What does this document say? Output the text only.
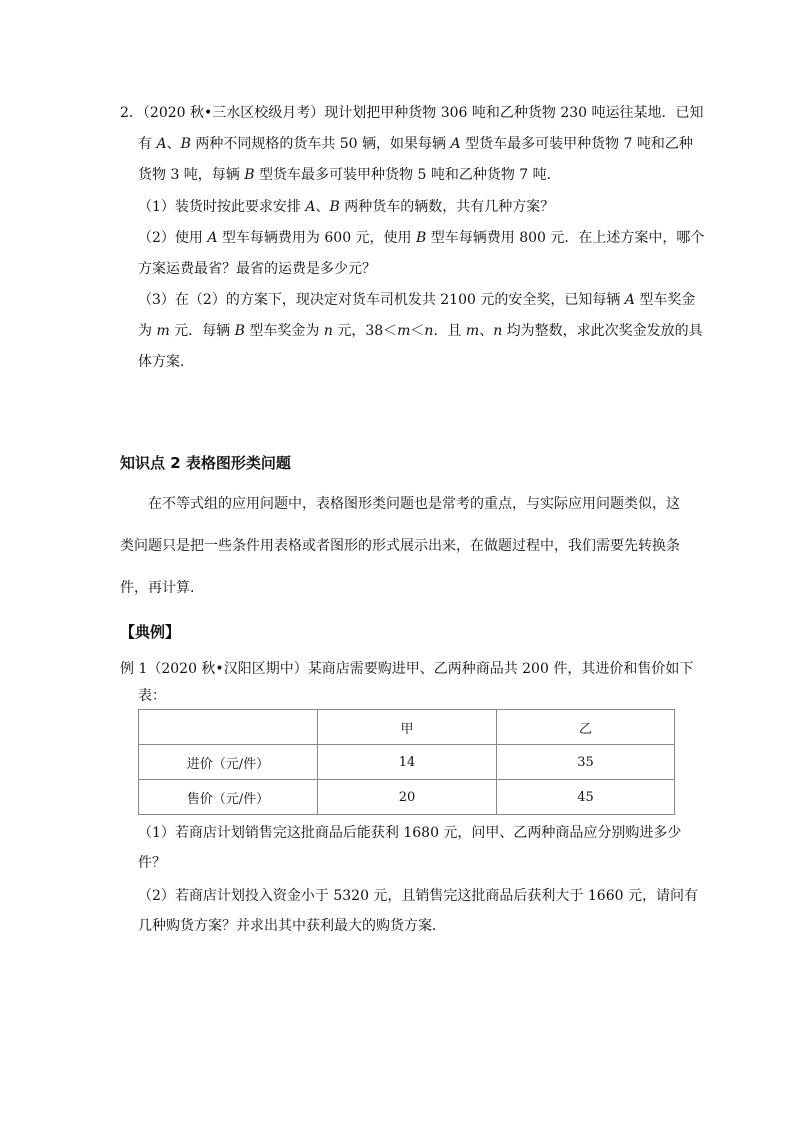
2．（2020 秋•三水区校级月考）现计划把甲种货物 306 吨和乙种货物 230 吨运往某地．已知
有 A、B 两种不同规格的货车共 50 辆，如果每辆 A 型货车最多可装甲种货物 7 吨和乙种
货物 3 吨，每辆 B 型货车最多可装甲种货物 5 吨和乙种货物 7 吨．
（1）装货时按此要求安排 A、B 两种货车的辆数，共有几种方案？
（2）使用 A 型车每辆费用为 600 元，使用 B 型车每辆费用 800 元．在上述方案中，哪个
方案运费最省？最省的运费是多少元？
（3）在（2）的方案下，现决定对货车司机发共 2100 元的安全奖，已知每辆 A 型车奖金
为 m 元．每辆 B 型车奖金为 n 元，38＜m＜n．且 m、n 均为整数，求此次奖金发放的具
体方案．
知识点 2 表格图形类问题
在不等式组的应用问题中，表格图形类问题也是常考的重点，与实际应用问题类似，这
类问题只是把一些条件用表格或者图形的形式展示出来，在做题过程中，我们需要先转换条
件，再计算.
【典例】
例 1（2020 秋•汉阳区期中）某商店需要购进甲、乙两种商品共 200 件，其进价和售价如下
表：
	甲	乙
进价（元/件）	14	35
售价（元/件）	20	45
（1）若商店计划销售完这批商品后能获利 1680 元，问甲、乙两种商品应分别购进多少
件？
（2）若商店计划投入资金小于 5320 元，且销售完这批商品后获利大于 1660 元，请问有
几种购货方案？并求出其中获利最大的购货方案．
